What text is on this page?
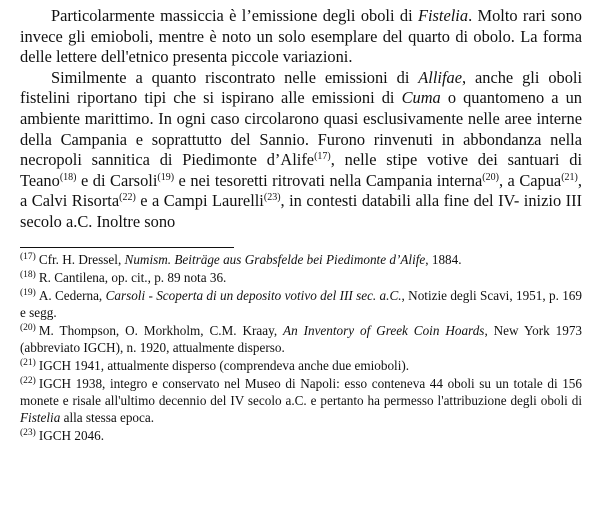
Particolarmente massiccia è l’emissione degli oboli di Fistelia. Molto rari sono invece gli emioboli, mentre è noto un solo esemplare del quarto di obolo. La forma delle lettere dell'etnico presenta piccole variazioni.

Similmente a quanto riscontrato nelle emissioni di Allifae, anche gli oboli fistelini riportano tipi che si ispirano alle emissioni di Cuma o quantomeno a un ambiente marittimo. In ogni caso circolarono quasi esclusivamente nelle aree interne della Campania e soprattutto del Sannio. Furono rinvenuti in abbondanza nella necropoli sannitica di Piedimonte d’Alife$^{(17)}$, nelle stipe votive dei santuari di Teano$^{(18)}$ e di Carsoli$^{(19)}$ e nei tesoretti ritrovati nella Campania interna$^{(20)}$, a Capua$^{(21)}$, a Calvi Risorta$^{(22)}$ e a Campi Laurelli$^{(23)}$, in contesti databili alla fine del IV- inizio III secolo a.C. Inoltre sono

$^{(17)}$ Cfr. H. Dressel, Numism. Beiträge aus Grabsfelde bei Piedimonte d’Alife, 1884.
$^{(18)}$ R. Cantilena, op. cit., p. 89 nota 36.
$^{(19)}$ A. Cederna, Carsoli - Scoperta di un deposito votivo del III sec. a.C., Notizie degli Scavi, 1951, p. 169 e segg.
$^{(20)}$ M. Thompson, O. Morkholm, C.M. Kraay, An Inventory of Greek Coin Hoards, New York 1973 (abbreviato IGCH), n. 1920, attualmente disperso.
$^{(21)}$ IGCH 1941, attualmente disperso (comprendeva anche due emioboli).
$^{(22)}$ IGCH 1938, integro e conservato nel Museo di Napoli: esso conteneva 44 oboli su un totale di 156 monete e risale all'ultimo decennio del IV secolo a.C. e pertanto ha permesso l'attribuzione degli oboli di Fistelia alla stessa epoca.
$^{(23)}$ IGCH 2046.
